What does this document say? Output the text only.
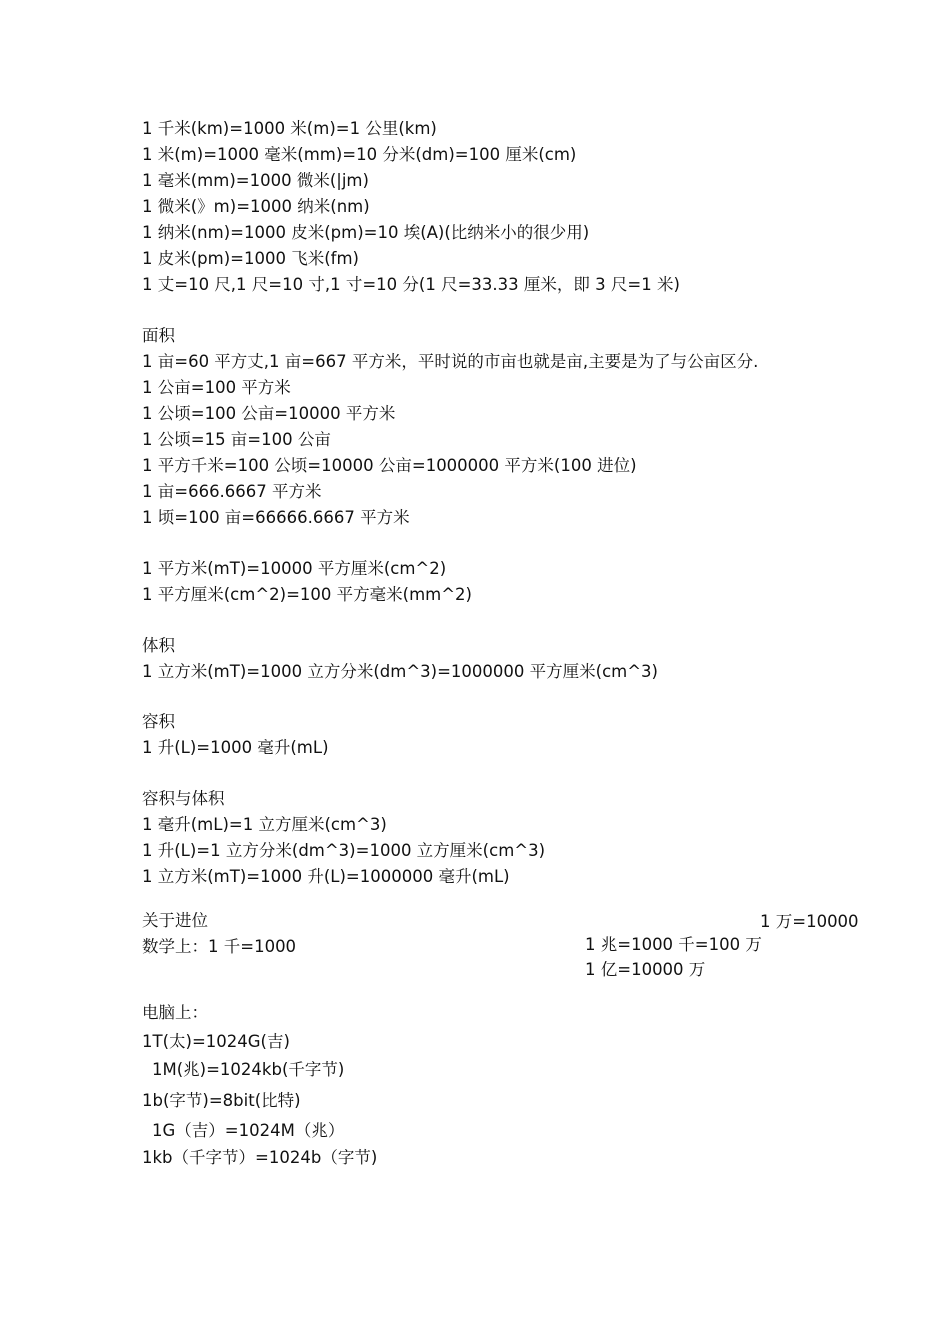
1 千米(km)=1000 米(m)=1 公里(km)
1 米(m)=1000 毫米(mm)=10 分米(dm)=100 厘米(cm)
1 毫米(mm)=1000 微米(|jm)
1 微米(》m)=1000 纳米(nm)
1 纳米(nm)=1000 皮米(pm)=10 埃(A)(比纳米小的很少用)
1 皮米(pm)=1000 飞米(fm)
1 丈=10 尺,1 尺=10 寸,1 寸=10 分(1 尺=33.33 厘米，即 3 尺=1 米)
面积
1 亩=60 平方丈,1 亩=667 平方米，平时说的市亩也就是亩,主要是为了与公亩区分.
1 公亩=100 平方米
1 公顷=100 公亩=10000 平方米
1 公顷=15 亩=100 公亩
1 平方千米=100 公顷=10000 公亩=1000000 平方米(100 进位)
1 亩=666.6667 平方米
1 顷=100 亩=66666.6667 平方米
1 平方米(mT)=10000 平方厘米(cm^2)
1 平方厘米(cm^2)=100 平方毫米(mm^2)
体积
1 立方米(mT)=1000 立方分米(dm^3)=1000000 平方厘米(cm^3)
容积
1 升(L)=1000 毫升(mL)
容积与体积
1 毫升(mL)=1 立方厘米(cm^3)
1 升(L)=1 立方分米(dm^3)=1000 立方厘米(cm^3)
1 立方米(mT)=1000 升(L)=1000000 毫升(mL)
关于进位
数学上：1 千=1000
1 万=10000
1 兆=1000 千=100 万
1 亿=10000 万
电脑上：
1T(太)=1024G(吉)
1M(兆)=1024kb(千字节)
1b(字节)=8bit(比特)
1G（吉）=1024M（兆）
1kb（千字节）=1024b（字节)
